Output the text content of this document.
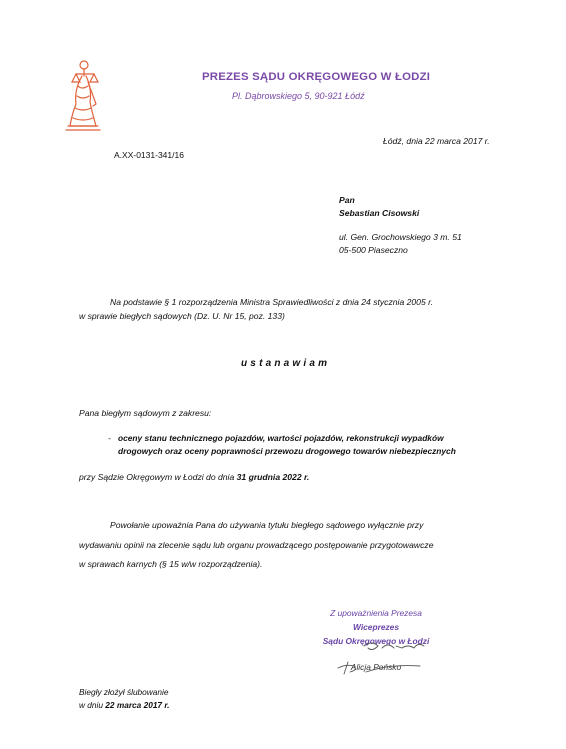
PREZES SĄDU OKRĘGOWEGO W ŁODZI
Pl. Dąbrowskiego 5, 90-921 Łódź
Łódź, dnia 22 marca 2017 r.
A.XX-0131-341/16
Pan
Sebastian Cisowski
ul. Gen. Grochowskiego 3 m. 51
05-500 Piaseczno
Na podstawie § 1 rozporządzenia Ministra Sprawiedliwości z dnia 24 stycznia 2005 r.
w sprawie biegłych sądowych (Dz. U. Nr 15, poz. 133)
ustanawiam
Pana biegłym sądowym z zakresu:
- oceny stanu technicznego pojazdów, wartości pojazdów, rekonstrukcji wypadków
drogowych oraz oceny poprawności przewozu drogowego towarów niebezpiecznych
przy Sądzie Okręgowym w Łodzi do dnia 31 grudnia 2022 r.
Powołanie upoważnia Pana do używania tytułu biegłego sądowego wyłącznie przy
wydawaniu opinii na zlecenie sądu lub organu prowadzącego postępowanie przygotowawcze
w sprawach karnych (§ 15 w/w rozporządzenia).
Z upoważnienia Prezesa
Wiceprezes
Sądu Okręgowego w Łodzi
Alicja Pońsko
Biegły złożył ślubowanie
w dniu 22 marca 2017 r.
